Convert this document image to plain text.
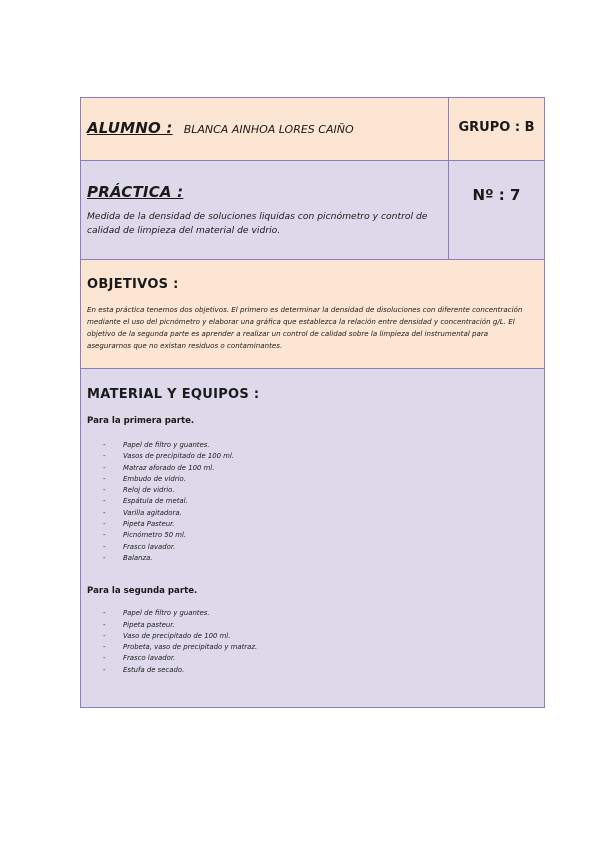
ALUMNO : BLANCA AINHOA LORES CAIÑO	GRUPO : B
PRÁCTICA :
Medida de la densidad de soluciones liquidas con picnómetro y control de calidad de limpieza del material de vidrio.
Nº : 7
OBJETIVOS :
En esta práctica tenemos dos objetivos. El primero es determinar la densidad de disoluciones con diferente concentración mediante el uso del picnómetro y elaborar una gráfica que establezca la relación entre densidad y concentración g/L. El objetivo de la segunda parte es aprender a realizar un control de calidad sobre la limpieza del instrumental para asegurarnos que no existan residuos o contaminantes.
MATERIAL Y EQUIPOS :
Para la primera parte.
- Papel de filtro y guantes.
- Vasos de precipitado de 100 ml.
- Matraz aforado de 100 ml.
- Embudo de vidrio.
- Reloj de vidrio.
- Espátula de metal.
- Varilla agitadora.
- Pipeta Pasteur.
- Picnómetro 50 ml.
- Frasco lavador.
- Balanza.
Para la segunda parte.
- Papel de filtro y guantes.
- Pipeta pasteur.
- Vaso de precipitado de 100 ml.
- Probeta, vaso de precipitado y matraz.
- Frasco lavador.
- Estufa de secado.
